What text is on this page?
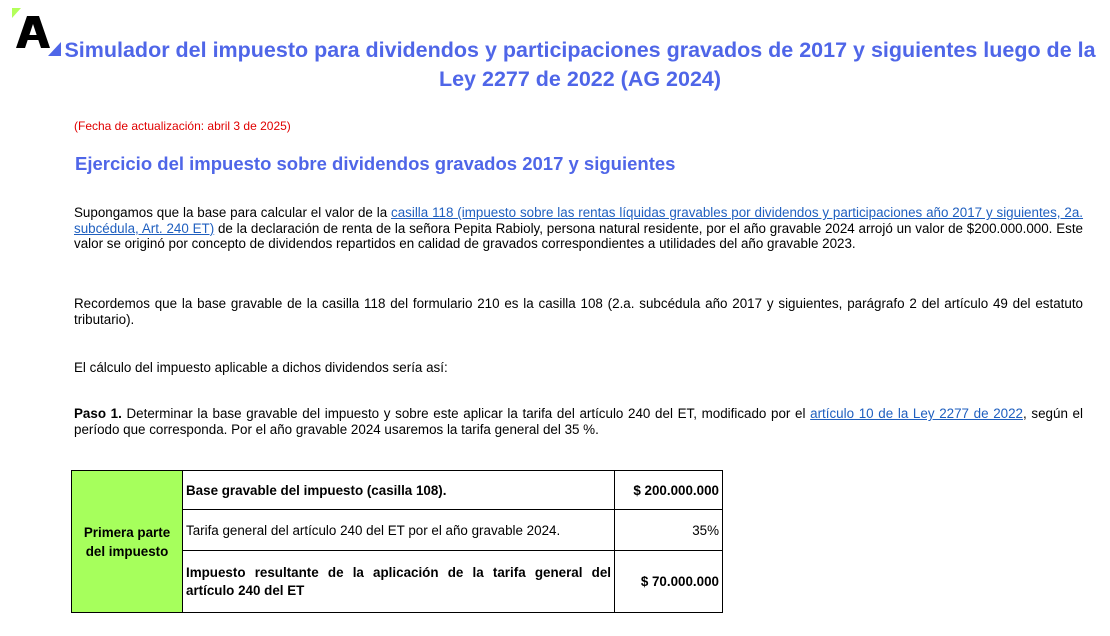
Simulador del impuesto para dividendos y participaciones gravados de 2017 y siguientes luego de la Ley 2277 de 2022 (AG 2024)
(Fecha de actualización: abril 3 de 2025)
Ejercicio del impuesto sobre dividendos gravados 2017 y siguientes

Supongamos que la base para calcular el valor de la casilla 118 (impuesto sobre las rentas líquidas gravables por dividendos y participaciones año 2017 y siguientes, 2a. subcédula, Art. 240 ET) de la declaración de renta de la señora Pepita Rabioly, persona natural residente, por el año gravable 2024 arrojó un valor de $200.000.000. Este valor se originó por concepto de dividendos repartidos en calidad de gravados correspondientes a utilidades del año gravable 2023.

Recordemos que la base gravable de la casilla 118 del formulario 210 es la casilla 108 (2.a. subcédula año 2017 y siguientes, parágrafo 2 del artículo 49 del estatuto tributario).

El cálculo del impuesto aplicable a dichos dividendos sería así:

Paso 1. Determinar la base gravable del impuesto y sobre este aplicar la tarifa del artículo 240 del ET, modificado por el artículo 10 de la Ley 2277 de 2022, según el período que corresponda. Por el año gravable 2024 usaremos la tarifa general del 35 %.

Primera parte del impuesto	Base gravable del impuesto (casilla 108).	$ 200.000.000
	Tarifa general del artículo 240 del ET por el año gravable 2024.	35%
	Impuesto resultante de la aplicación de la tarifa general del artículo 240 del ET	$ 70.000.000
